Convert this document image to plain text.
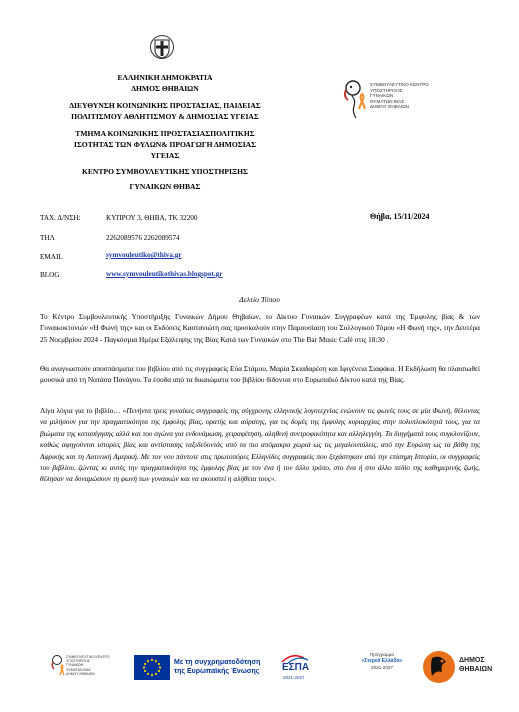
ΕΛΛΗΝΙΚΗ ΔΗΜΟΚΡΑΤΙΑ
ΔΗΜΟΣ ΘΗΒΑΙΩΝ
ΔΙΕΥΘΥΝΣΗ ΚΟΙΝΩΝΙΚΗΣ ΠΡΟΣΤΑΣΙΑΣ, ΠΑΙΔΕΙΑΣ
ΠΟΛΙΤΙΣΜΟΥ ΑΘΛΗΤΙΣΜΟΥ & ΔΗΜΟΣΙΑΣ ΥΓΕΙΑΣ
ΤΜΗΜΑ ΚΟΙΝΩΝΙΚΗΣ ΠΡΟΣΤΑΣΙΑΣΠΟΛΙΤΙΚΗΣ
ΙΣΟΤΗΤΑΣ ΤΩΝ ΦΥΛΩΝ& ΠΡΟΑΓΩΓΗ ΔΗΜΟΣΙΑΣ ΥΓΕΙΑΣ
ΚΕΝΤΡΟ ΣΥΜΒΟΥΛΕΥΤΙΚΗΣ ΥΠΟΣΤΗΡΙΞΗΣ
ΓΥΝΑΙΚΩΝ ΘΗΒΑΣ
ΣΥΜΒΟΥΛΕΥΤΙΚΟ ΚΕΝΤΡΟ
ΥΠΟΣΤΗΡΙΞΗΣ
ΓΥΝΑΙΚΩΝ
ΘΥΜΑΤΩΝ ΒΙΑΣ
ΔΗΜΟΥ ΘΗΒΑΙΩΝ
ΤΑΧ. Δ/ΝΣΗ:	ΚΥΠΡΟΥ 3, ΘΗΒΑ, ΤΚ 32200	Θήβα, 15/11/2024
ΤΗΛ	2262089576 2262089574
EMAIL	symvouleutiko@thiva.gr
BLOG	www.symvouleutikothivas.blogspot.gr
Δελτίο Τύπου
Το Κέντρο Συμβουλευτικής Υποστήριξης Γυναικών Δήμου Θηβαίων, το Δίκτυο Γυναικών Συγγραφέων κατά της Έμφυλης βίας & των Γυναικοκτονιών «Η Φωνή της» και οι Εκδόσεις Καστανιώτη σας προσκαλούν στην Παρουσίαση του Συλλογικού Τόμου «Η Φωνή της», την Δευτέρα 25 Νοεμβρίου 2024 - Παγκόσμια Ημέρα Εξάλειψης της Βίας Κατά των Γυναικών στο The Bar Music Café στις 18:30 .
Θα αναγνωστούν αποσπάσματα του βιβλίου από τις συγγραφείς Εύα Στάμου, Μαρία Σκιαδαρέση και Ιφιγένεια Σιαφάκα. Η Εκδήλωση θα πλαισιωθεί μουσικά από τη Νατάσα Πανάγου. Τα έσοδα από τα δικαιώματα του βιβλίου δίδονται στο Ευρωπαϊκό Δίκτυο κατά της Βίας.
Λίγα λόγια για το βιβλίο… «Πενήντα τρεις γυναίκες συγγραφείς της σύγχρονης ελληνικής λογοτεχνίας ενώνουν τις φωνές τους σε μία Φωνή, θέλοντας να μιλήσουν για την πραγματικότητα της έμφυλης βίας, ορατής και αόρατης, για τις δομές της έμφυλης κυριαρχίας στην πολυπλοκότητά τους, για τα βιώματα της κατασίγησης αλλά και του αγώνα για ενδυνάμωση, χειραφέτηση, αληθινή συντροφικότητα και αλληλεγγύη. Τα διηγήματά τους συγκλονίζουν, καθώς αφηγούνται ιστορίες βίας και αντίστασης ταξιδεύοντάς από τα πιο απόμακρα χωριά ως τις μεγαλουπόλεις, από την Ευρώπη ως τα βάθη της Αφρικής και τη Λατινική Αμερική. Με τον νου πάντοτε στις πρωτοπόρες Ελληνίδες συγγραφείς που ξεχάστηκαν από την επίσημη Ιστορία, οι συγγραφείς του βιβλίου, ζώντας κι αυτές την πραγματικότητα της έμφυλης βίας με τον ένα ή τον άλλο τρόπο, στο ένα ή στο άλλο πεδίο της καθημερινής ζωής, θέλησαν να δυναμώσουν τη φωνή των γυναικών και να ακουστεί η αλήθεια τους».
ΣΥΜΒΟΥΛΕΥΤΙΚΟ ΚΕΝΤΡΟ
ΥΠΟΣΤΗΡΙΞΗΣ
ΓΥΝΑΙΚΩΝ
ΘΥΜΑΤΩΝ ΒΙΑΣ
ΔΗΜΟΥ ΘΗΒΑΙΩΝ
Με τη συγχρηματοδότηση
της Ευρωπαϊκής Ένωσης ΕΣΠΑ
2021-2027
Πρόγραμμα
«Στερεά Ελλάδα»
2021-2027
ΔΗΜΟΣ
ΘΗΒΑΙΩΝ
